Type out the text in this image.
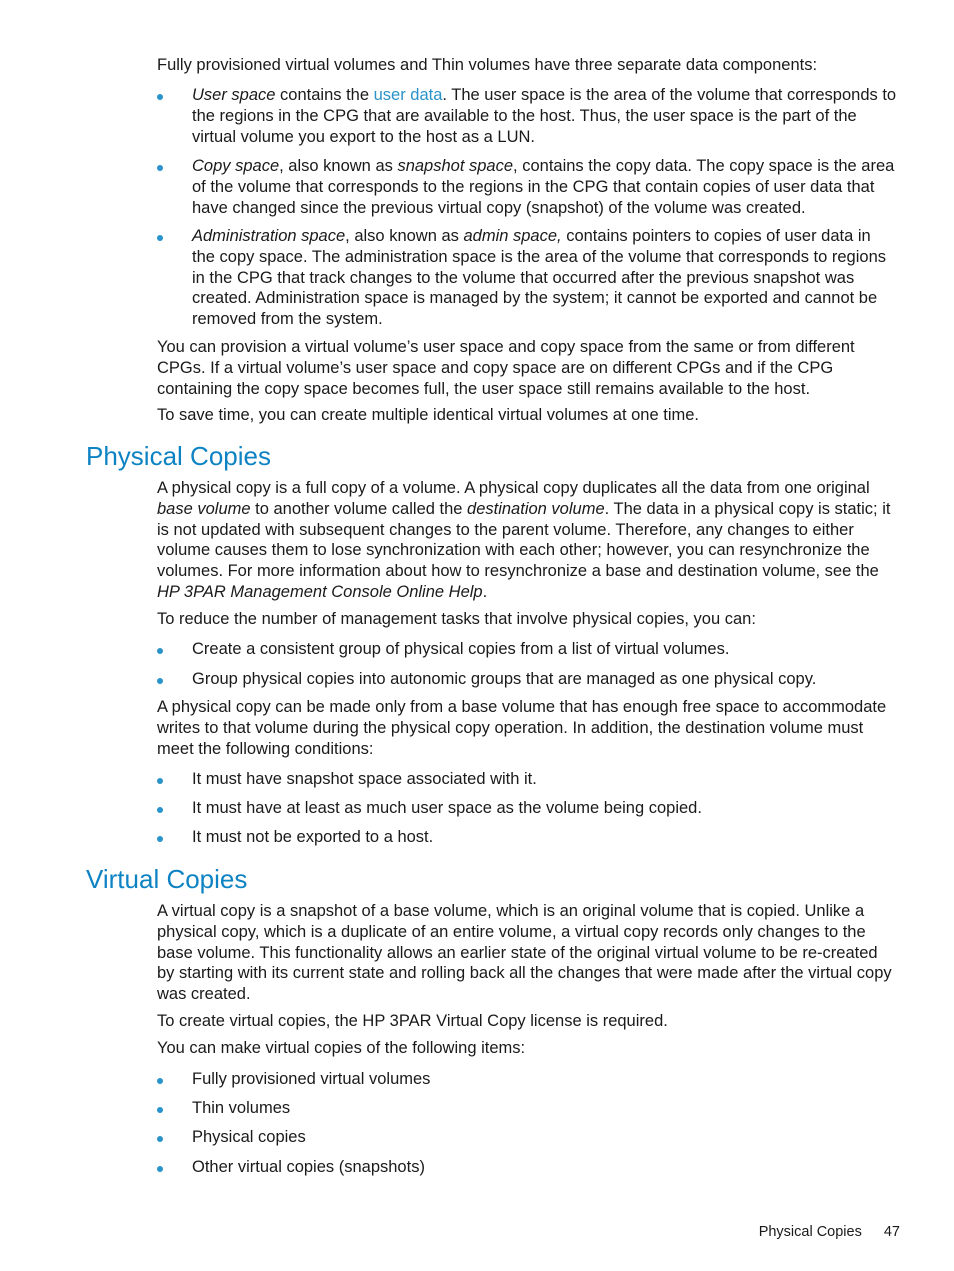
Fully provisioned virtual volumes and Thin volumes have three separate data components:

User space contains the user data. The user space is the area of the volume that corresponds to the regions in the CPG that are available to the host. Thus, the user space is the part of the virtual volume you export to the host as a LUN.

Copy space, also known as snapshot space, contains the copy data. The copy space is the area of the volume that corresponds to the regions in the CPG that contain copies of user data that have changed since the previous virtual copy (snapshot) of the volume was created.

Administration space, also known as admin space, contains pointers to copies of user data in the copy space. The administration space is the area of the volume that corresponds to regions in the CPG that track changes to the volume that occurred after the previous snapshot was created. Administration space is managed by the system; it cannot be exported and cannot be removed from the system.

You can provision a virtual volume’s user space and copy space from the same or from different CPGs. If a virtual volume’s user space and copy space are on different CPGs and if the CPG containing the copy space becomes full, the user space still remains available to the host.

To save time, you can create multiple identical virtual volumes at one time.

Physical Copies

A physical copy is a full copy of a volume. A physical copy duplicates all the data from one original base volume to another volume called the destination volume. The data in a physical copy is static; it is not updated with subsequent changes to the parent volume. Therefore, any changes to either volume causes them to lose synchronization with each other; however, you can resynchronize the volumes. For more information about how to resynchronize a base and destination volume, see the HP 3PAR Management Console Online Help.

To reduce the number of management tasks that involve physical copies, you can:

Create a consistent group of physical copies from a list of virtual volumes.

Group physical copies into autonomic groups that are managed as one physical copy.

A physical copy can be made only from a base volume that has enough free space to accommodate writes to that volume during the physical copy operation. In addition, the destination volume must meet the following conditions:

It must have snapshot space associated with it.

It must have at least as much user space as the volume being copied.

It must not be exported to a host.

Virtual Copies

A virtual copy is a snapshot of a base volume, which is an original volume that is copied. Unlike a physical copy, which is a duplicate of an entire volume, a virtual copy records only changes to the base volume. This functionality allows an earlier state of the original virtual volume to be re-created by starting with its current state and rolling back all the changes that were made after the virtual copy was created.

To create virtual copies, the HP 3PAR Virtual Copy license is required.

You can make virtual copies of the following items:

Fully provisioned virtual volumes

Thin volumes

Physical copies

Other virtual copies (snapshots)

Physical Copies 47
